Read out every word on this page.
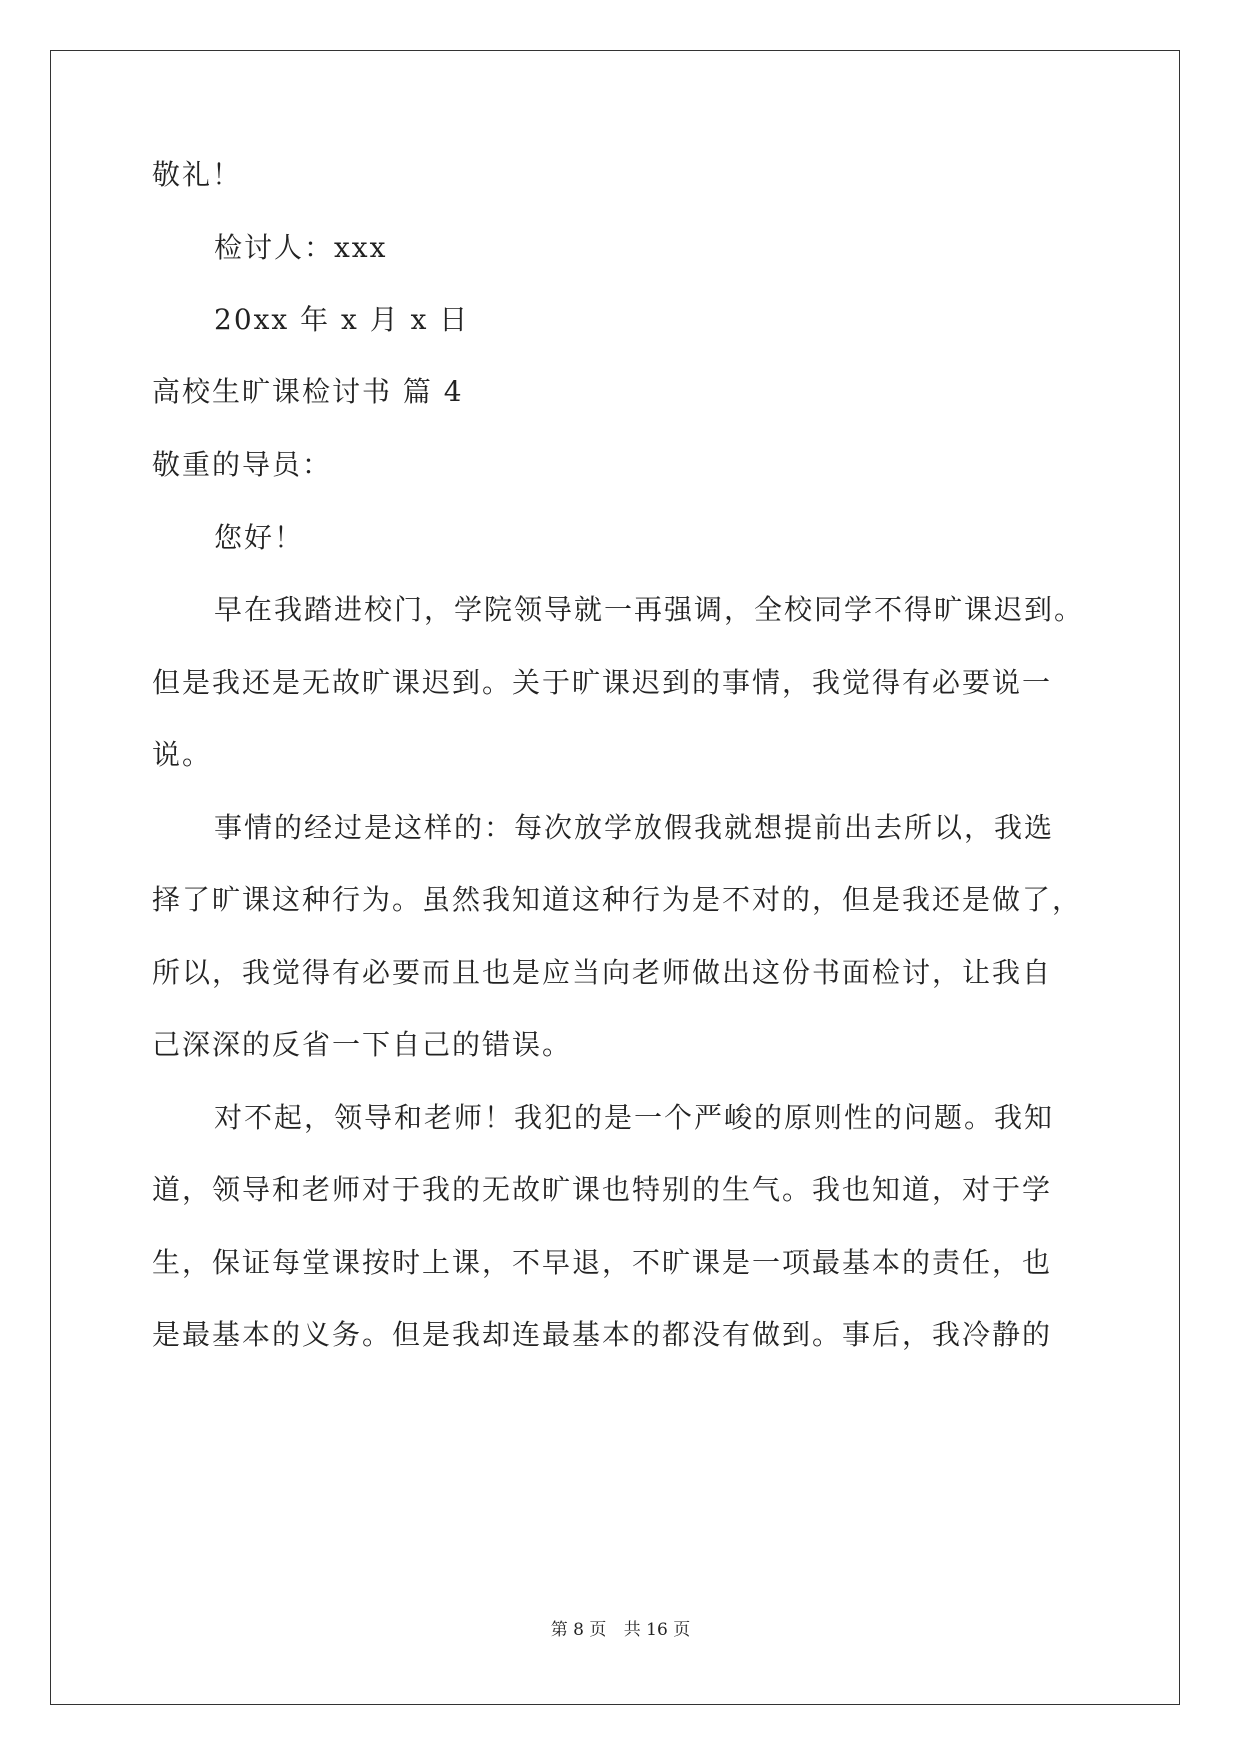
敬礼！
检讨人：xxx
20xx 年 x 月 x 日
高校生旷课检讨书 篇 4
敬重的导员：
您好！
早在我踏进校门，学院领导就一再强调，全校同学不得旷课迟到。
但是我还是无故旷课迟到。关于旷课迟到的事情，我觉得有必要说一
说。
事情的经过是这样的：每次放学放假我就想提前出去所以，我选
择了旷课这种行为。虽然我知道这种行为是不对的，但是我还是做了，
所以，我觉得有必要而且也是应当向老师做出这份书面检讨，让我自
己深深的反省一下自己的错误。
对不起，领导和老师！我犯的是一个严峻的原则性的问题。我知
道，领导和老师对于我的无故旷课也特别的生气。我也知道，对于学
生，保证每堂课按时上课，不早退，不旷课是一项最基本的责任，也
是最基本的义务。但是我却连最基本的都没有做到。事后，我冷静的
第 8 页 共 16 页
